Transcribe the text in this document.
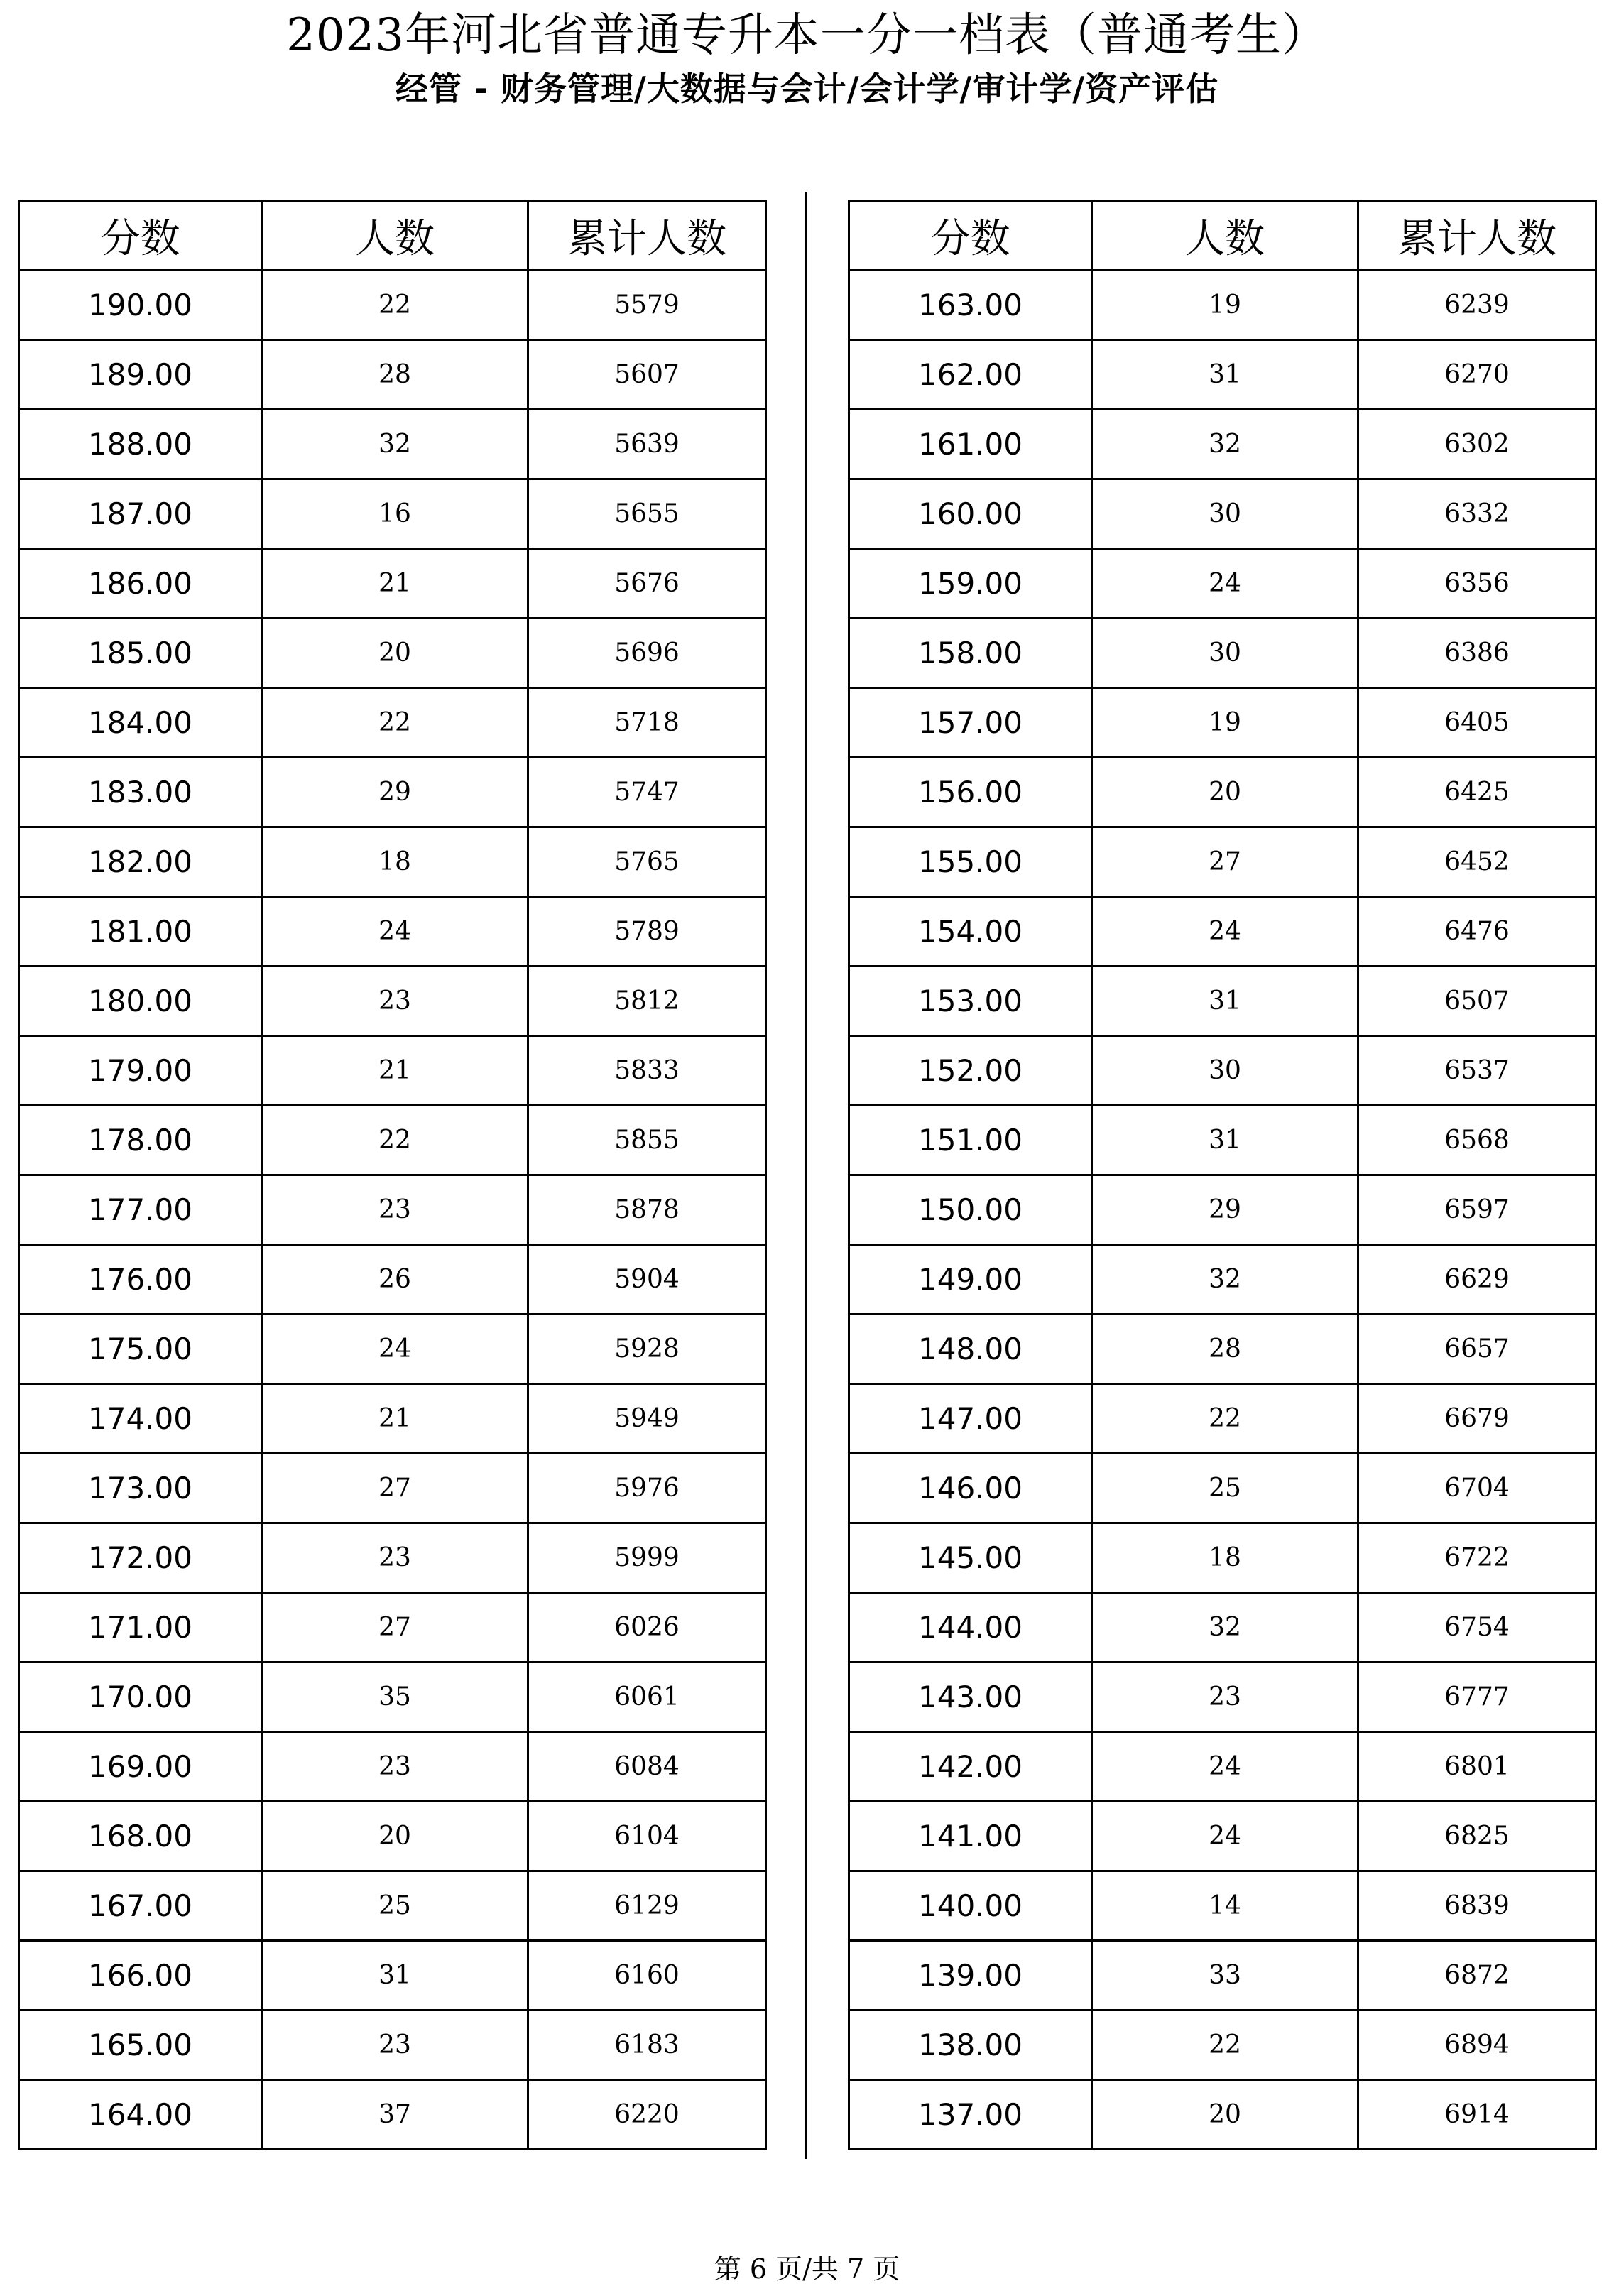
2023年河北省普通专升本一分一档表（普通考生）
经管 - 财务管理/大数据与会计/会计学/审计学/资产评估
分数	人数	累计人数
190.00	22	5579
189.00	28	5607
188.00	32	5639
187.00	16	5655
186.00	21	5676
185.00	20	5696
184.00	22	5718
183.00	29	5747
182.00	18	5765
181.00	24	5789
180.00	23	5812
179.00	21	5833
178.00	22	5855
177.00	23	5878
176.00	26	5904
175.00	24	5928
174.00	21	5949
173.00	27	5976
172.00	23	5999
171.00	27	6026
170.00	35	6061
169.00	23	6084
168.00	20	6104
167.00	25	6129
166.00	31	6160
165.00	23	6183
164.00	37	6220
分数	人数	累计人数
163.00	19	6239
162.00	31	6270
161.00	32	6302
160.00	30	6332
159.00	24	6356
158.00	30	6386
157.00	19	6405
156.00	20	6425
155.00	27	6452
154.00	24	6476
153.00	31	6507
152.00	30	6537
151.00	31	6568
150.00	29	6597
149.00	32	6629
148.00	28	6657
147.00	22	6679
146.00	25	6704
145.00	18	6722
144.00	32	6754
143.00	23	6777
142.00	24	6801
141.00	24	6825
140.00	14	6839
139.00	33	6872
138.00	22	6894
137.00	20	6914
第 6 页/共 7 页
